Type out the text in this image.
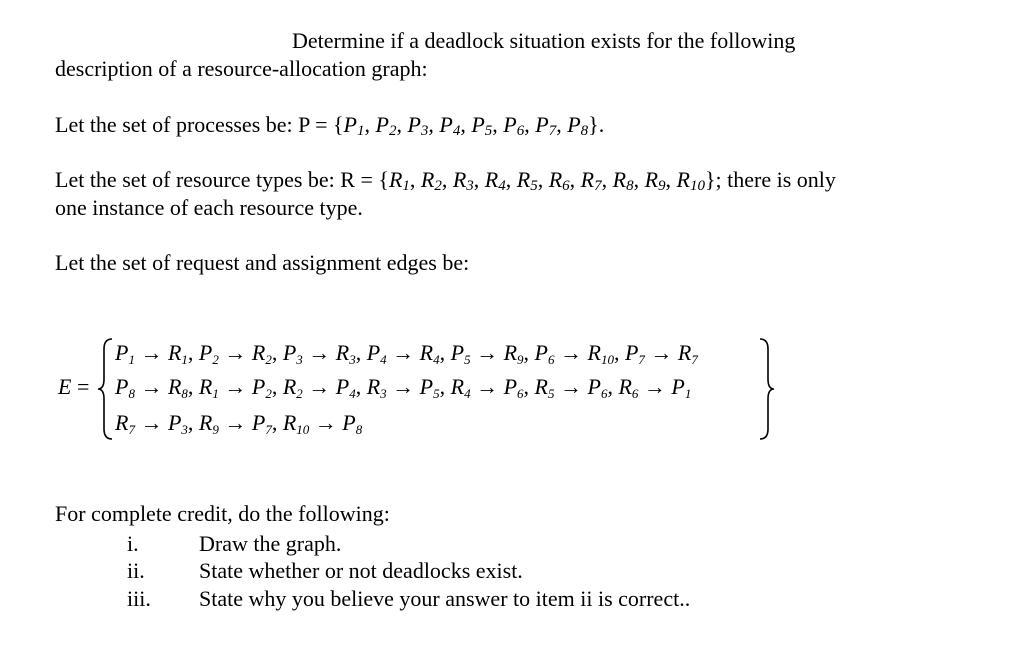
Determine if a deadlock situation exists for the following
description of a resource-allocation graph:
Let the set of processes be: $P = \{P_1$, $P_2$, $P_3$, $P_4$, $P_5$, $P_6$, $P_7$, $P_8$}.
Let the set of resource types be: $R = \{R_1$, $R_2$, $R_3$, $R_4$, $R_5$, $R_6$, $R_7$, $R_8$, $R_9$, $R_{10}$}; there is only
one instance of each resource type.
Let the set of request and assignment edges be:
E =
$P_1 \to R_1$, $P_2 \to R_2$, $P_3 \to R_3$, $P_4 \to R_4$, $P_5 \to R_9$, $P_6 \to R_{10}$, $P_7 \to R_7$
$P_8 \to R_8$, $R_1 \to P_2$, $R_2 \to P_4$, $R_3 \to P_5$, $R_4 \to P_6$, $R_5 \to P_6$, $R_6 \to P_1$
$R_7 \to P_3$, $R_9 \to P_7$, $R_{10} \to P_8$
For complete credit, do the following:
i.	Draw the graph.
ii. State whether or not deadlocks exist.
iii. State why you believe your answer to item ii is correct..
